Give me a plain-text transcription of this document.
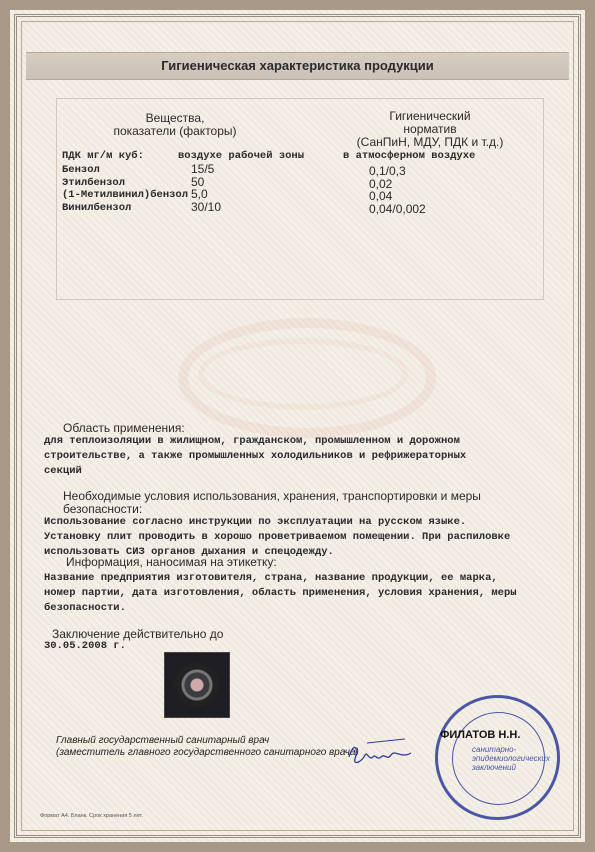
Гигиеническая характеристика продукции
Вещества,
показатели (факторы)
Гигиенический
норматив
(СанПиН, МДУ, ПДК и т.д.)
ПДК мг/м куб:	воздухе рабочей зоны	в атмосферном воздухе
Бензол	15/5	0,1/0,3
Этилбензол	50	0,02
(1-Метилвинил)бензол 5,0	0,04
Винилбензол	30/10	0,04/0,002
Область применения:
для теплоизоляции в жилищном, гражданском, промышленном и дорожном
строительстве, а также промышленных холодильников и рефрижераторных
секций
Необходимые условия использования, хранения, транспортировки и меры
безопасности:
Использование согласно инструкции по эксплуатации на русском языке.
Установку плит проводить в хорошо проветриваемом помещении. При распиловке
использовать СИЗ органов дыхания и спецодежду.
Информация, наносимая на этикетку:
Название предприятия изготовителя, страна, название продукции, ее марка,
номер партии, дата изготовления, область применения, условия хранения, меры
безопасности.
Заключение действительно до
30.05.2008 г.
Главный государственный санитарный врач
(заместитель главного государственного санитарного врача)
ФИЛАТОВ Н.Н.
санитарно-
эпидемиологических
заключений
Формат А4. Бланк. Срок хранения 5 лет.
